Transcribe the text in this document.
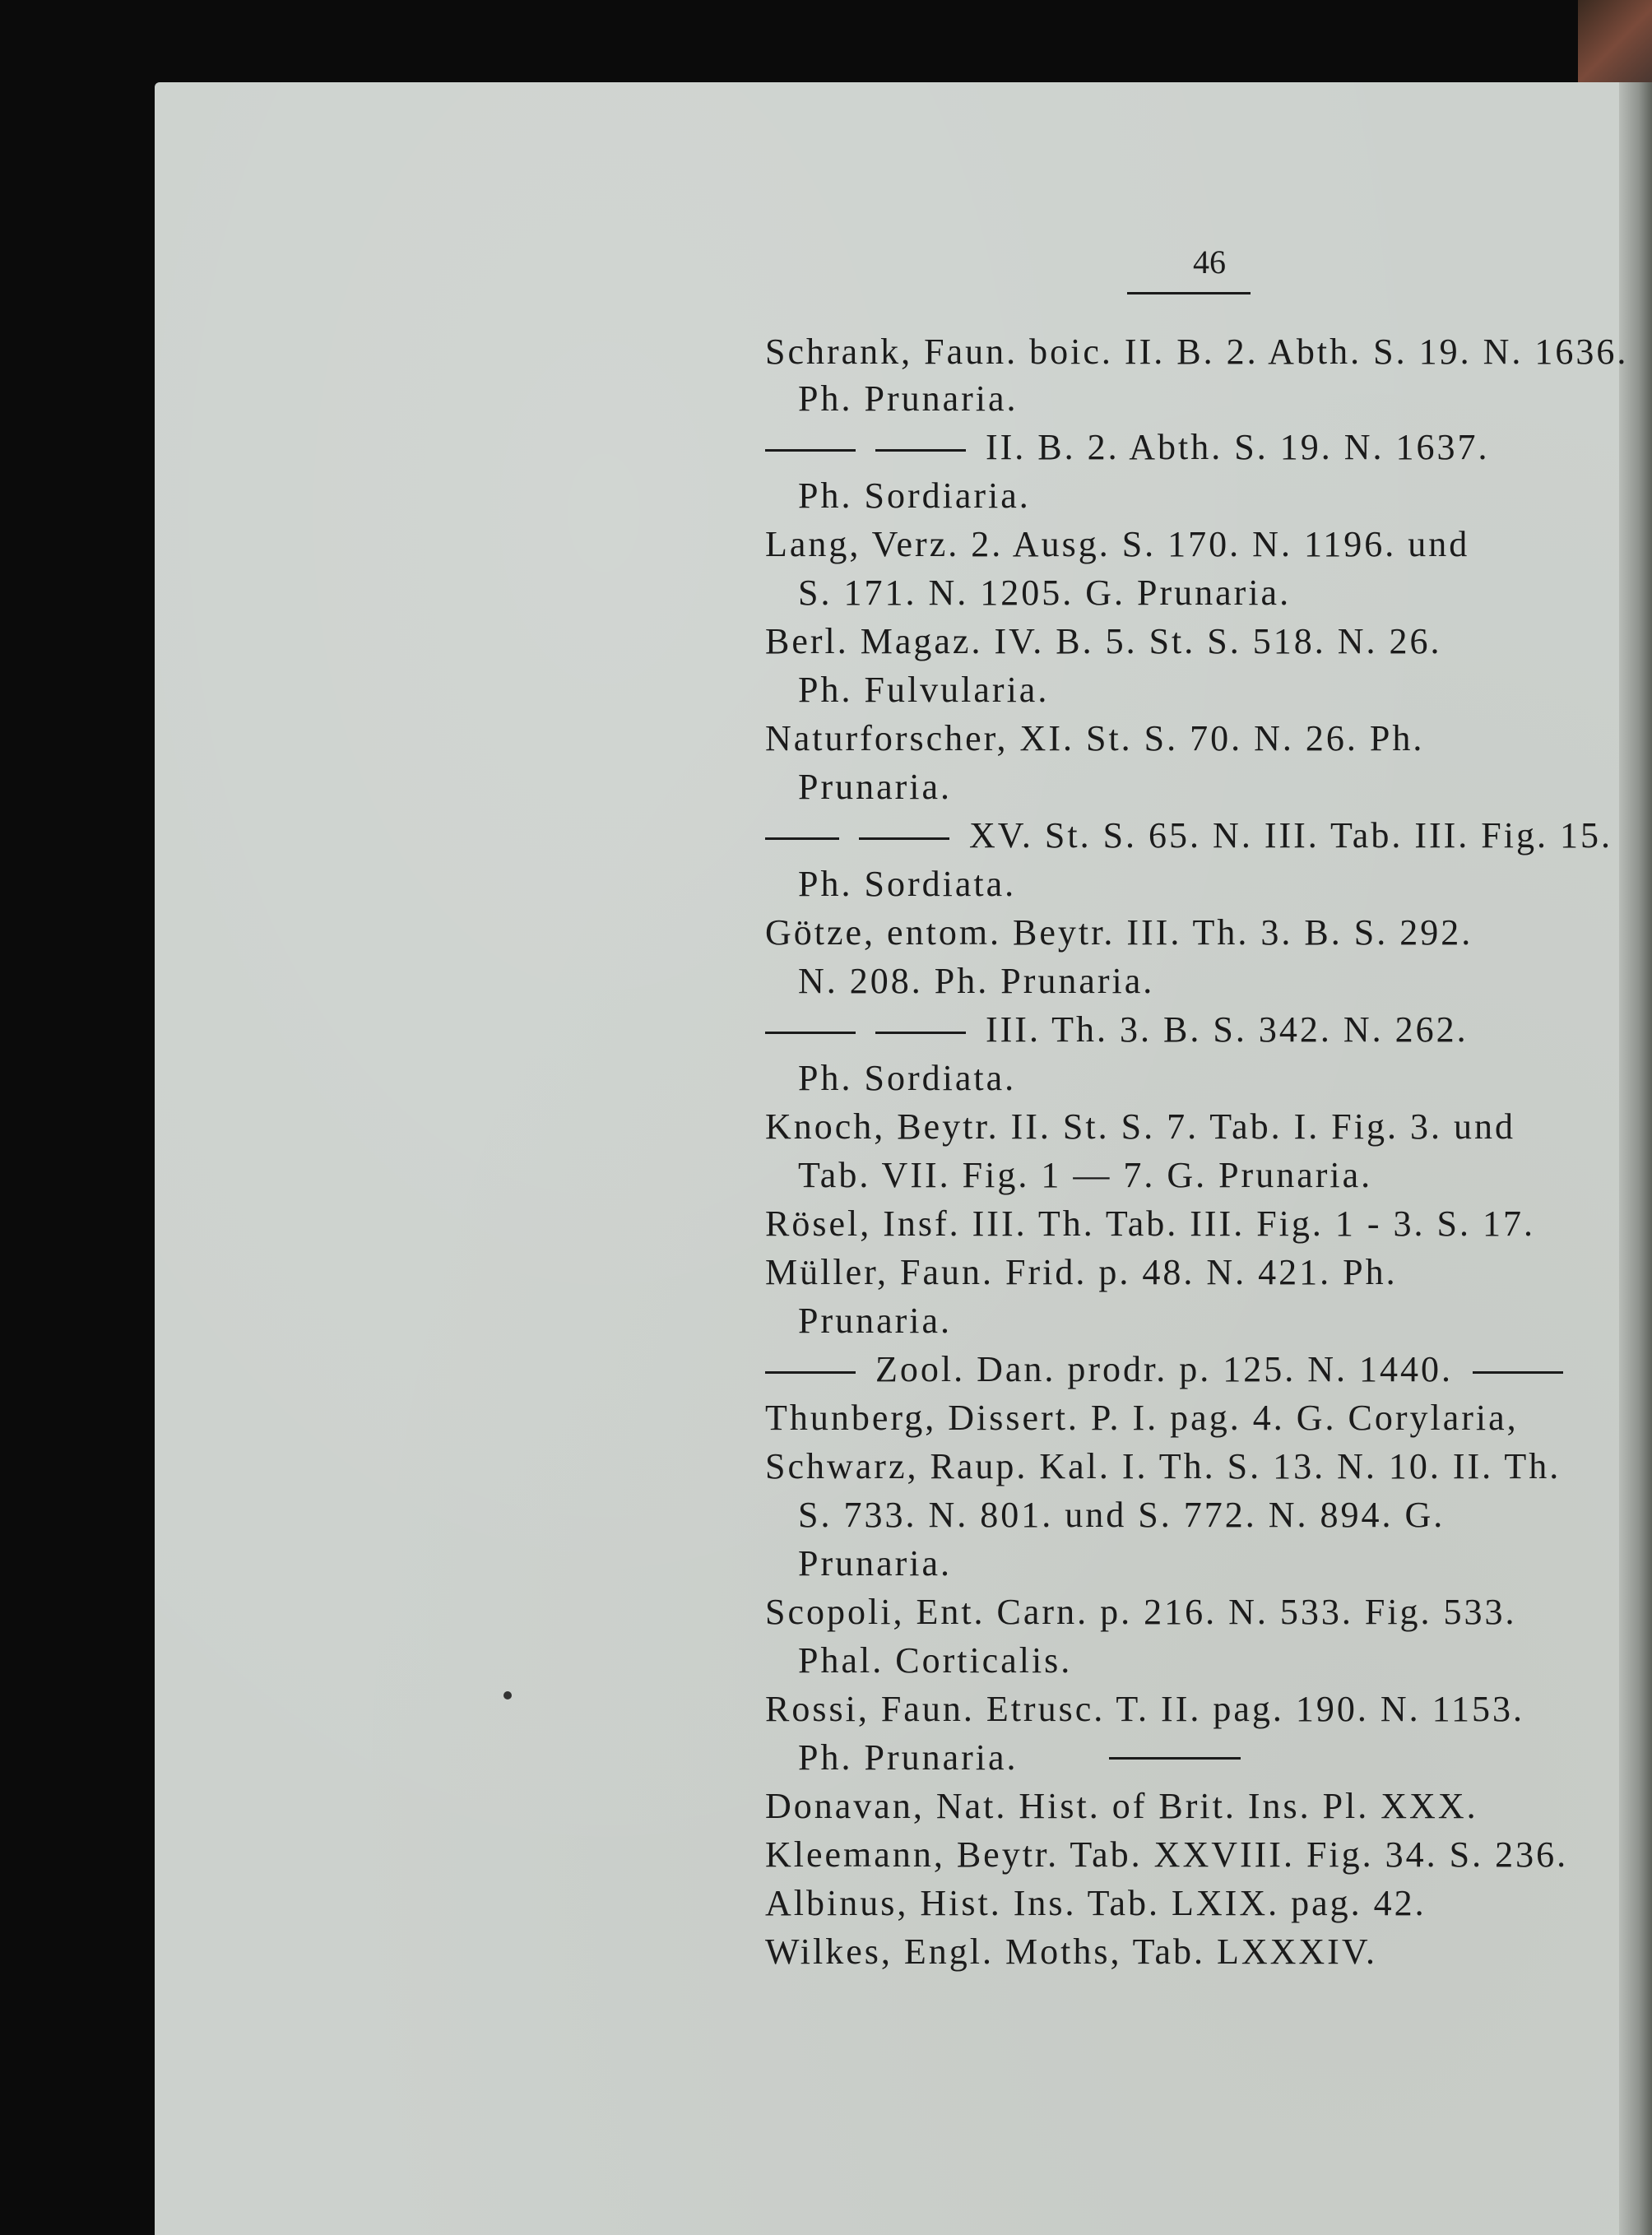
46
Schrank, Faun. boic. II. B. 2. Abth. S. 19. N. 1636.
Ph. Prunaria.
II. B. 2. Abth. S. 19. N. 1637.
Ph. Sordiaria.
Lang, Verz. 2. Ausg. S. 170. N. 1196. und
S. 171. N. 1205. G. Prunaria.
Berl. Magaz. IV. B. 5. St. S. 518. N. 26.
Ph. Fulvularia.
Naturforscher, XI. St. S. 70. N. 26. Ph.
Prunaria.
XV. St. S. 65. N. III. Tab. III. Fig. 15.
Ph. Sordiata.
Götze, entom. Beytr. III. Th. 3. B. S. 292.
N. 208. Ph. Prunaria.
III. Th. 3. B. S. 342. N. 262.
Ph. Sordiata.
Knoch, Beytr. II. St. S. 7. Tab. I. Fig. 3. und
Tab. VII. Fig. 1 — 7. G. Prunaria.
Rösel, Insf. III. Th. Tab. III. Fig. 1 - 3. S. 17.
Müller, Faun. Frid. p. 48. N. 421. Ph.
Prunaria.
Zool. Dan. prodr. p. 125. N. 1440.
Thunberg, Dissert. P. I. pag. 4. G. Corylaria,
Schwarz, Raup. Kal. I. Th. S. 13. N. 10. II. Th.
S. 733. N. 801. und S. 772. N. 894. G.
Prunaria.
Scopoli, Ent. Carn. p. 216. N. 533. Fig. 533.
Phal. Corticalis.
Rossi, Faun. Etrusc. T. II. pag. 190. N. 1153.
Ph. Prunaria.
Donavan, Nat. Hist. of Brit. Ins. Pl. XXX.
Kleemann, Beytr. Tab. XXVIII. Fig. 34. S. 236.
Albinus, Hist. Ins. Tab. LXIX. pag. 42.
Wilkes, Engl. Moths, Tab. LXXXIV.
